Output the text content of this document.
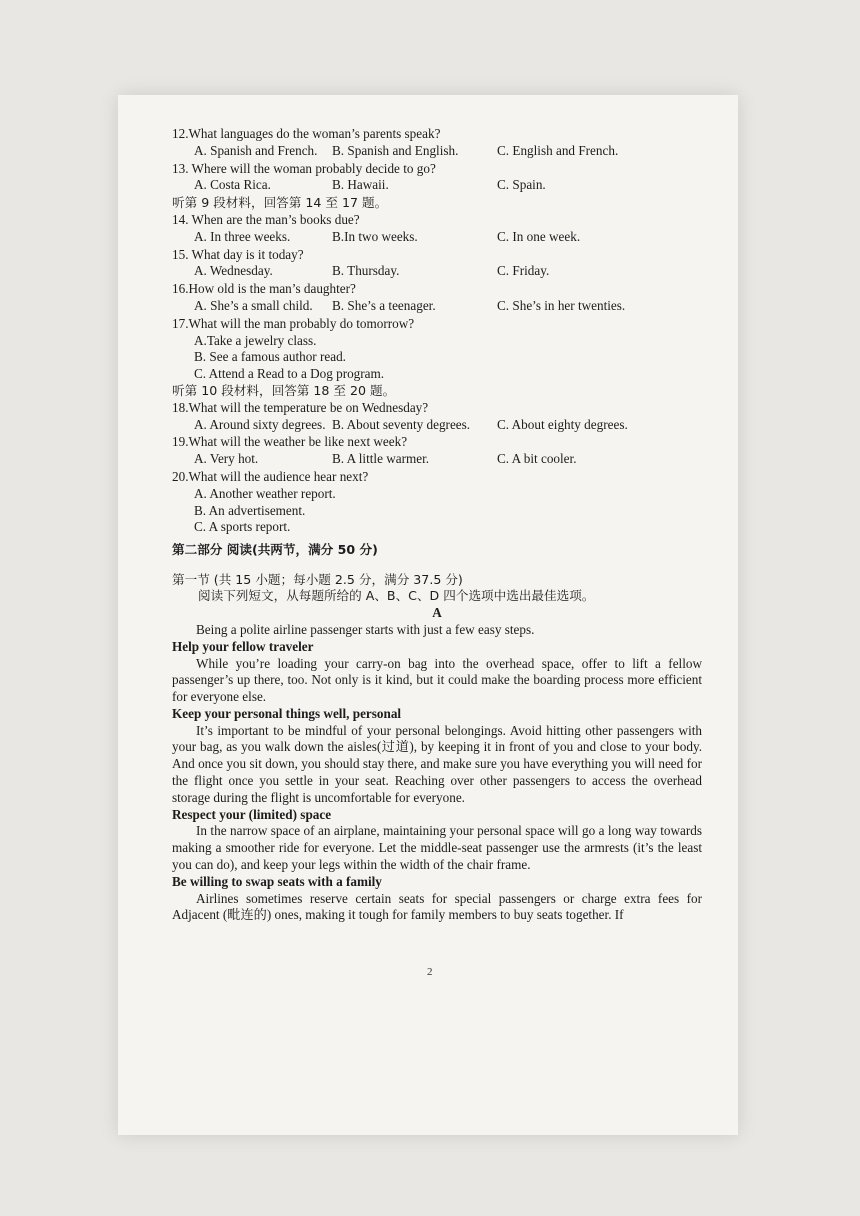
12.What languages do the woman’s parents speak?

A. Spanish and French.	B. Spanish and English.	C. English and French.

13. Where will the woman probably decide to go?

A. Costa Rica.	B. Hawaii.	C. Spain.

听第 9 段材料，回答第 14 至 17 题。

14. When are the man’s books due?

A. In three weeks.	B.In two weeks.	C. In one week.

15. What day is it today?

A. Wednesday.	B. Thursday.	C. Friday.

16.How old is the man’s daughter?

A. She’s a small child.	B. She’s a teenager.	C. She’s in her twenties.

17.What will the man probably do tomorrow?

A.Take a jewelry class.

B. See a famous author read.

C. Attend a Read to a Dog program.

听第 10 段材料，回答第 18 至 20 题。

18.What will the temperature be on Wednesday?

A. Around sixty degrees. B. About seventy degrees.	C. About eighty degrees.

19.What will the weather be like next week?

A. Very hot.	B. A little warmer.	C. A bit cooler.

20.What will the audience hear next?

A. Another weather report.

B. An advertisement.

C. A sports report.

第二部分 阅读(共两节，满分 50 分)

第一节 (共 15 小题；每小题 2.5 分，满分 37.5 分)

阅读下列短文，从每题所给的 A、B、C、D 四个选项中选出最佳选项。

A

Being a polite airline passenger starts with just a few easy steps.

Help your fellow traveler

While you’re loading your carry-on bag into the overhead space, offer to lift a fellow passenger’s up there, too. Not only is it kind, but it could make the boarding process more efficient for everyone else.

Keep your personal things well, personal

It’s important to be mindful of your personal belongings. Avoid hitting other passengers with your bag, as you walk down the aisles(过道), by keeping it in front of you and close to your body. And once you sit down, you should stay there, and make sure you have everything you will need for the flight once you settle in your seat. Reaching over other passengers to access the overhead storage during the flight is uncomfortable for everyone.

Respect your (limited) space

In the narrow space of an airplane, maintaining your personal space will go a long way towards making a smoother ride for everyone. Let the middle-seat passenger use the armrests (it’s the least you can do), and keep your legs within the width of the chair frame.

Be willing to swap seats with a family

Airlines sometimes reserve certain seats for special passengers or charge extra fees for Adjacent (毗连的) ones, making it tough for family members to buy seats together. If

2
